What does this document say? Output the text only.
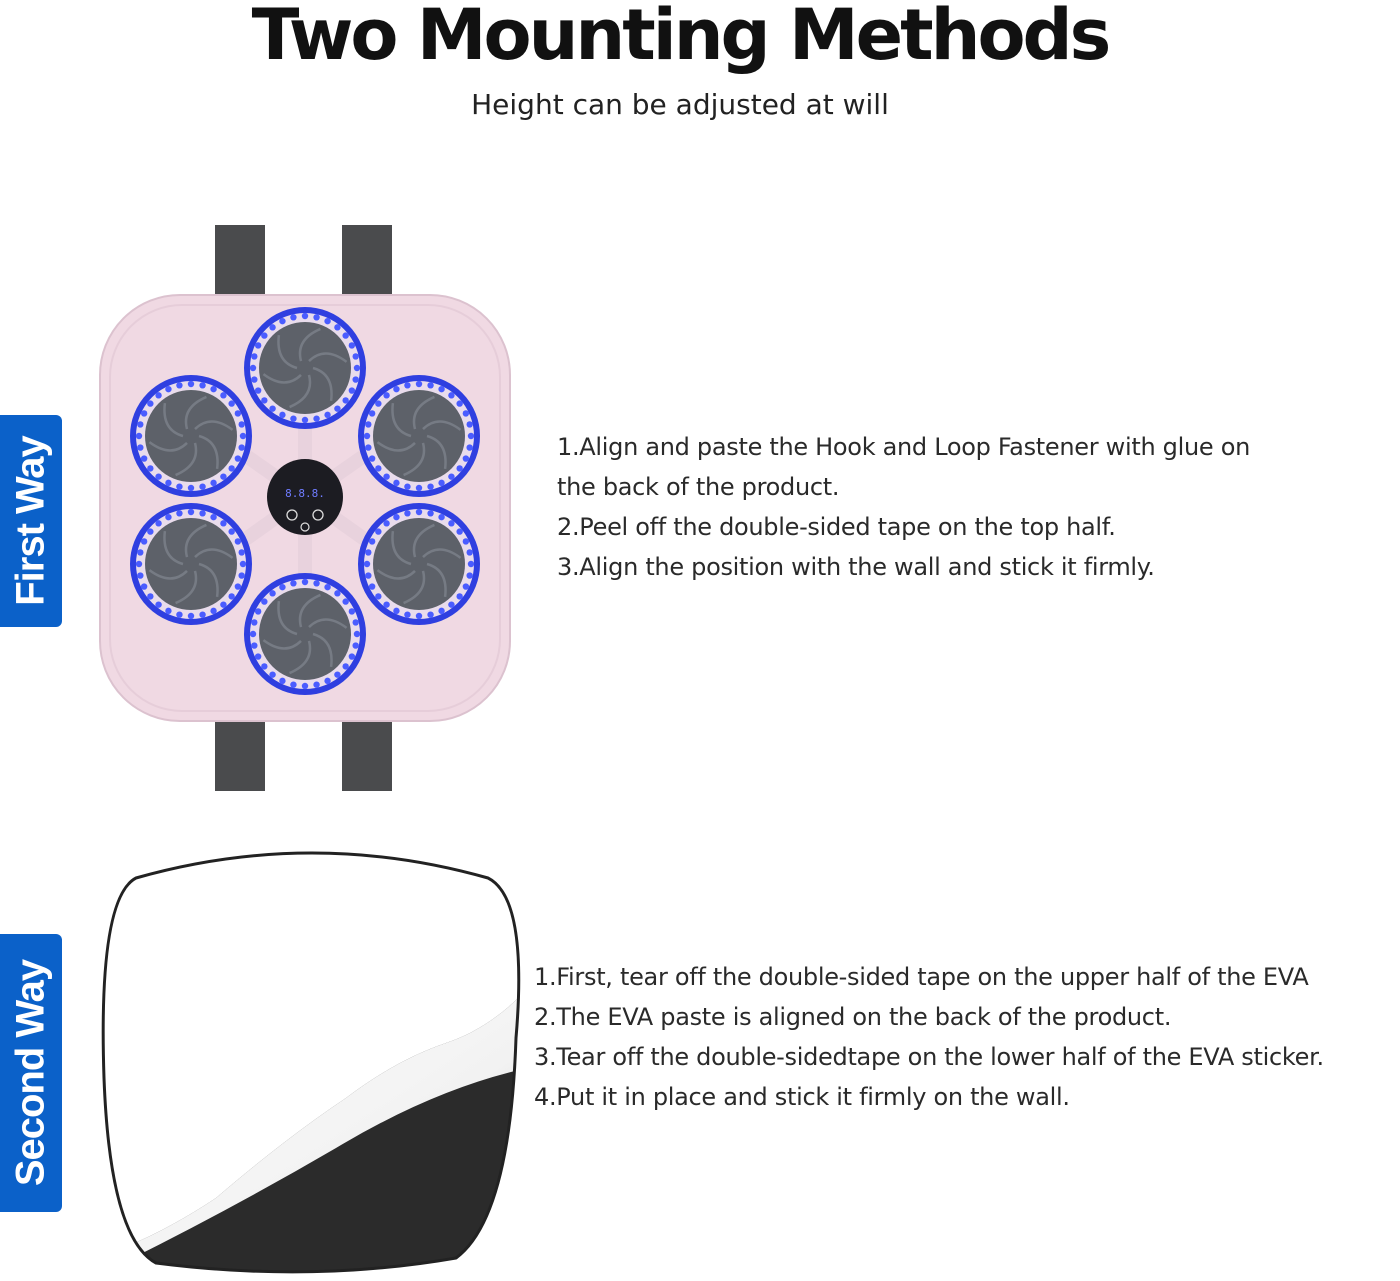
Two Mounting Methods
Height can be adjusted at will
First Way	8.8.8.
1.Align and paste the Hook and Loop Fastener with glue on
the back of the product.
2.Peel off the double-sided tape on the top half.
3.Align the position with the wall and stick it firmly.
Second Way	1.First, tear off the double-sided tape on the upper half of the EVA
2.The EVA paste is aligned on the back of the product.
3.Tear off the double-sidedtape on the lower half of the EVA sticker.
4.Put it in place and stick it firmly on the wall.
